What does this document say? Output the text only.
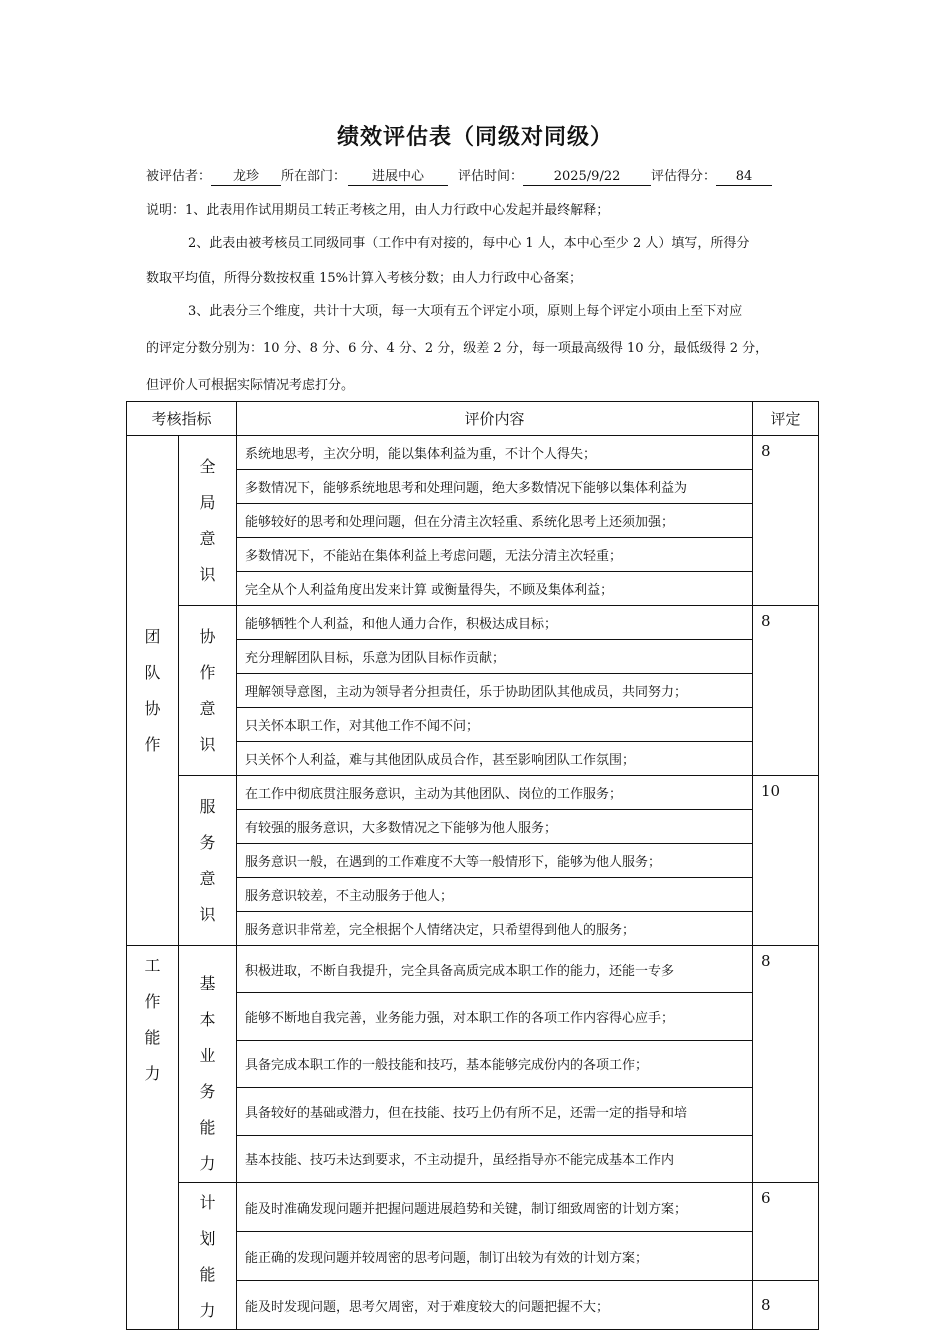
绩效评估表（同级对同级）
被评估者： 龙珍 所在部门： 进展中心	评估时间： 2025/9/22 评估得分： 84
说明：1、此表用作试用期员工转正考核之用，由人力行政中心发起并最终解释；
2、此表由被考核员工同级同事（工作中有对接的，每中心 1 人，本中心至少 2 人）填写，所得分
数取平均值，所得分数按权重 15%计算入考核分数；由人力行政中心备案；
3、此表分三个维度，共计十大项，每一大项有五个评定小项，原则上每个评定小项由上至下对应
的评定分数分别为：10 分、8 分、6 分、4 分、2 分，级差 2 分，每一项最高级得 10 分，最低级得 2 分，
但评价人可根据实际情况考虑打分。
考核指标		评价内容	评定
团队协作	全局意识	系统地思考，主次分明，能以集体利益为重，不计个人得失；	8
		多数情况下，能够系统地思考和处理问题，绝大多数情况下能够以集体利益为	
		能够较好的思考和处理问题，但在分清主次轻重、系统化思考上还须加强；	
		多数情况下，不能站在集体利益上考虑问题，无法分清主次轻重；	
		完全从个人利益角度出发来计算 或衡量得失，不顾及集体利益；	
	协作意识	能够牺牲个人利益，和他人通力合作，积极达成目标；	8
		充分理解团队目标，乐意为团队目标作贡献；	
		理解领导意图，主动为领导者分担责任，乐于协助团队其他成员，共同努力；	
		只关怀本职工作，对其他工作不闻不问；	
		只关怀个人利益，难与其他团队成员合作，甚至影响团队工作氛围；	
	服务意识	在工作中彻底贯注服务意识，主动为其他团队、岗位的工作服务；	10
		有较强的服务意识，大多数情况之下能够为他人服务；	
		服务意识一般，在遇到的工作难度不大等一般情形下，能够为他人服务；	
		服务意识较差，不主动服务于他人；	
		服务意识非常差，完全根据个人情绪决定，只希望得到他人的服务；	
工作能力	基本业务能力	积极进取，不断自我提升，完全具备高质完成本职工作的能力，还能一专多	8
		能够不断地自我完善，业务能力强，对本职工作的各项工作内容得心应手；	
		具备完成本职工作的一般技能和技巧，基本能够完成份内的各项工作；	
		具备较好的基础或潜力，但在技能、技巧上仍有所不足，还需一定的指导和培	
		基本技能、技巧未达到要求，不主动提升，虽经指导亦不能完成基本工作内	
	计划能力	能及时准确发现问题并把握问题进展趋势和关键，制订细致周密的计划方案；	6
		能正确的发现问题并较周密的思考问题，制订出较为有效的计划方案；	
		能及时发现问题，思考欠周密，对于难度较大的问题把握不大；	8
